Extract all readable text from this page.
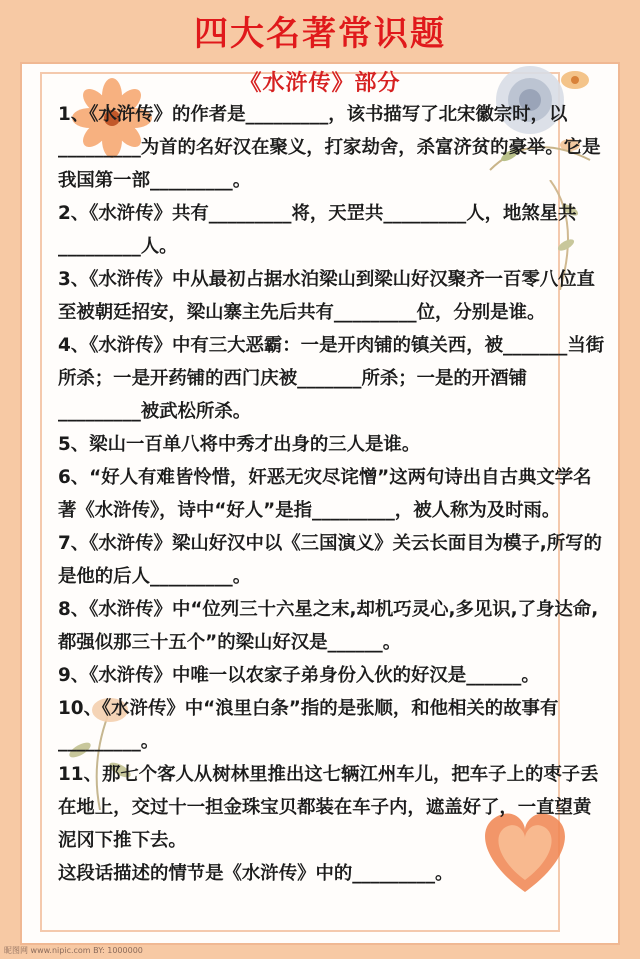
四大名著常识题
《水浒传》部分

1、《水浒传》的作者是_________，该书描写了北宋徽宗时，以_________为首的名好汉在聚义，打家劫舍，杀富济贫的豪举。它是我国第一部_________。

2、《水浒传》共有_________将，天罡共_________人，地煞星共_________人。

3、《水浒传》中从最初占据水泊梁山到梁山好汉聚齐一百零八位直至被朝廷招安，梁山寨主先后共有_________位，分别是谁。

4、《水浒传》中有三大恶霸：一是开肉铺的镇关西，被_______当街所杀；一是开药铺的西门庆被_______所杀；一是的开酒铺_________被武松所杀。

5、梁山一百单八将中秀才出身的三人是谁。

6、“好人有难皆怜惜，奸恶无灾尽诧憎”这两句诗出自古典文学名著《水浒传》，诗中“好人”是指_________，被人称为及时雨。

7、《水浒传》梁山好汉中以《三国演义》关云长面目为模子,所写的是他的后人_________。

8、《水浒传》中“位列三十六星之末,却机巧灵心,多见识,了身达命,都强似那三十五个”的梁山好汉是______。

9、《水浒传》中唯一以农家子弟身份入伙的好汉是______。

10、《水浒传》中“浪里白条”指的是张顺，和他相关的故事有_________。

11、那七个客人从树林里推出这七辆江州车儿，把车子上的枣子丢在地上，交过十一担金珠宝贝都装在车子内，遮盖好了，一直望黄泥冈下推下去。

这段话描述的情节是《水浒传》中的_________。

昵图网 www.nipic.com BY: 1000000
